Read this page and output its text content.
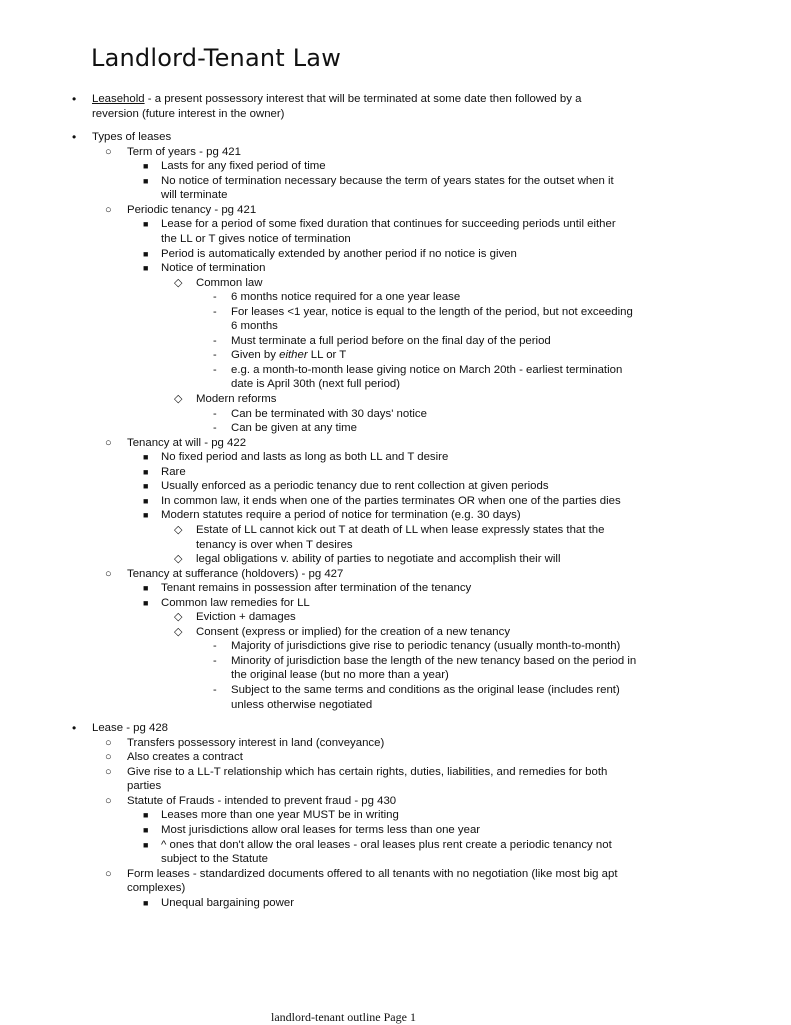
Landlord-Tenant Law
• Leasehold - a present possessory interest that will be terminated at some date then followed by a
reversion (future interest in the owner)
• Types of leases
○ Term of years - pg 421
■ Lasts for any fixed period of time
■ No notice of termination necessary because the term of years states for the outset when it
will terminate
○ Periodic tenancy - pg 421
■ Lease for a period of some fixed duration that continues for succeeding periods until either
the LL or T gives notice of termination
■ Period is automatically extended by another period if no notice is given
■ Notice of termination
◇ Common law
- 6 months notice required for a one year lease
- For leases <1 year, notice is equal to the length of the period, but not exceeding
6 months
- Must terminate a full period before on the final day of the period
- Given by either LL or T
- e.g. a month-to-month lease giving notice on March 20th - earliest termination
date is April 30th (next full period)
◇ Modern reforms
- Can be terminated with 30 days' notice
- Can be given at any time
○ Tenancy at will - pg 422
■ No fixed period and lasts as long as both LL and T desire
■ Rare
■ Usually enforced as a periodic tenancy due to rent collection at given periods
■ In common law, it ends when one of the parties terminates OR when one of the parties dies
■ Modern statutes require a period of notice for termination (e.g. 30 days)
◇ Estate of LL cannot kick out T at death of LL when lease expressly states that the
tenancy is over when T desires
◇ legal obligations v. ability of parties to negotiate and accomplish their will
○ Tenancy at sufferance (holdovers) - pg 427
■ Tenant remains in possession after termination of the tenancy
■ Common law remedies for LL
◇ Eviction + damages
◇ Consent (express or implied) for the creation of a new tenancy
- Majority of jurisdictions give rise to periodic tenancy (usually month-to-month)
- Minority of jurisdiction base the length of the new tenancy based on the period in
the original lease (but no more than a year)
- Subject to the same terms and conditions as the original lease (includes rent)
unless otherwise negotiated
• Lease - pg 428
○ Transfers possessory interest in land (conveyance)
○ Also creates a contract
○ Give rise to a LL-T relationship which has certain rights, duties, liabilities, and remedies for both
parties
○ Statute of Frauds - intended to prevent fraud - pg 430
■ Leases more than one year MUST be in writing
■ Most jurisdictions allow oral leases for terms less than one year
■ ^ ones that don't allow the oral leases - oral leases plus rent create a periodic tenancy not
subject to the Statute
○ Form leases - standardized documents offered to all tenants with no negotiation (like most big apt
complexes)
■ Unequal bargaining power
landlord-tenant outline Page 1
